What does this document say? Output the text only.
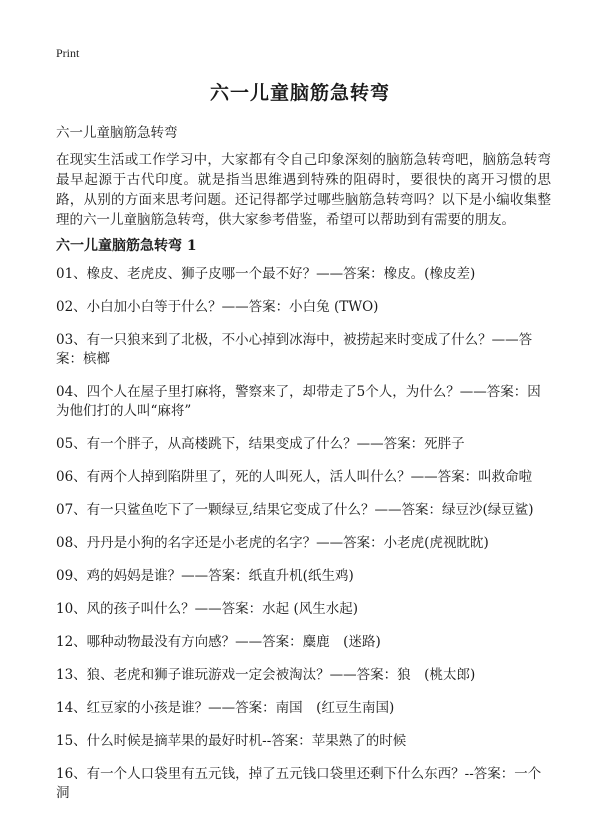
Print
六一儿童脑筋急转弯

六一儿童脑筋急转弯

在现实生活或工作学习中，大家都有令自己印象深刻的脑筋急转弯吧，脑筋急转弯最早起源于古代印度。就是指当思维遇到特殊的阻碍时，要很快的离开习惯的思路，从别的方面来思考问题。还记得都学过哪些脑筋急转弯吗？以下是小编收集整理的六一儿童脑筋急转弯，供大家参考借鉴，希望可以帮助到有需要的朋友。

六一儿童脑筋急转弯 1
01、橡皮、老虎皮、狮子皮哪一个最不好？——答案：橡皮。(橡皮差)
02、小白加小白等于什么？——答案：小白兔 (TWO)
03、有一只狼来到了北极，不小心掉到冰海中，被捞起来时变成了什么？——答案：槟榔
04、四个人在屋子里打麻将，警察来了，却带走了5个人，为什么？——答案：因为他们打的人叫“麻将”
05、有一个胖子，从高楼跳下，结果变成了什么？——答案：死胖子
06、有两个人掉到陷阱里了，死的人叫死人，活人叫什么？——答案：叫救命啦
07、有一只鲨鱼吃下了一颗绿豆,结果它变成了什么？——答案：绿豆沙(绿豆鲨)
08、丹丹是小狗的名字还是小老虎的名字？——答案：小老虎(虎视眈眈)
09、鸡的妈妈是谁？——答案：纸直升机(纸生鸡)
10、风的孩子叫什么？——答案：水起 (风生水起)
12、哪种动物最没有方向感？——答案：麋鹿　(迷路)
13、狼、老虎和狮子谁玩游戏一定会被淘汰？——答案：狼　(桃太郎)
14、红豆家的小孩是谁？——答案：南国　(红豆生南国)
15、什么时候是摘苹果的最好时机--答案：苹果熟了的时候
16、有一个人口袋里有五元钱，掉了五元钱口袋里还剩下什么东西？--答案：一个洞
